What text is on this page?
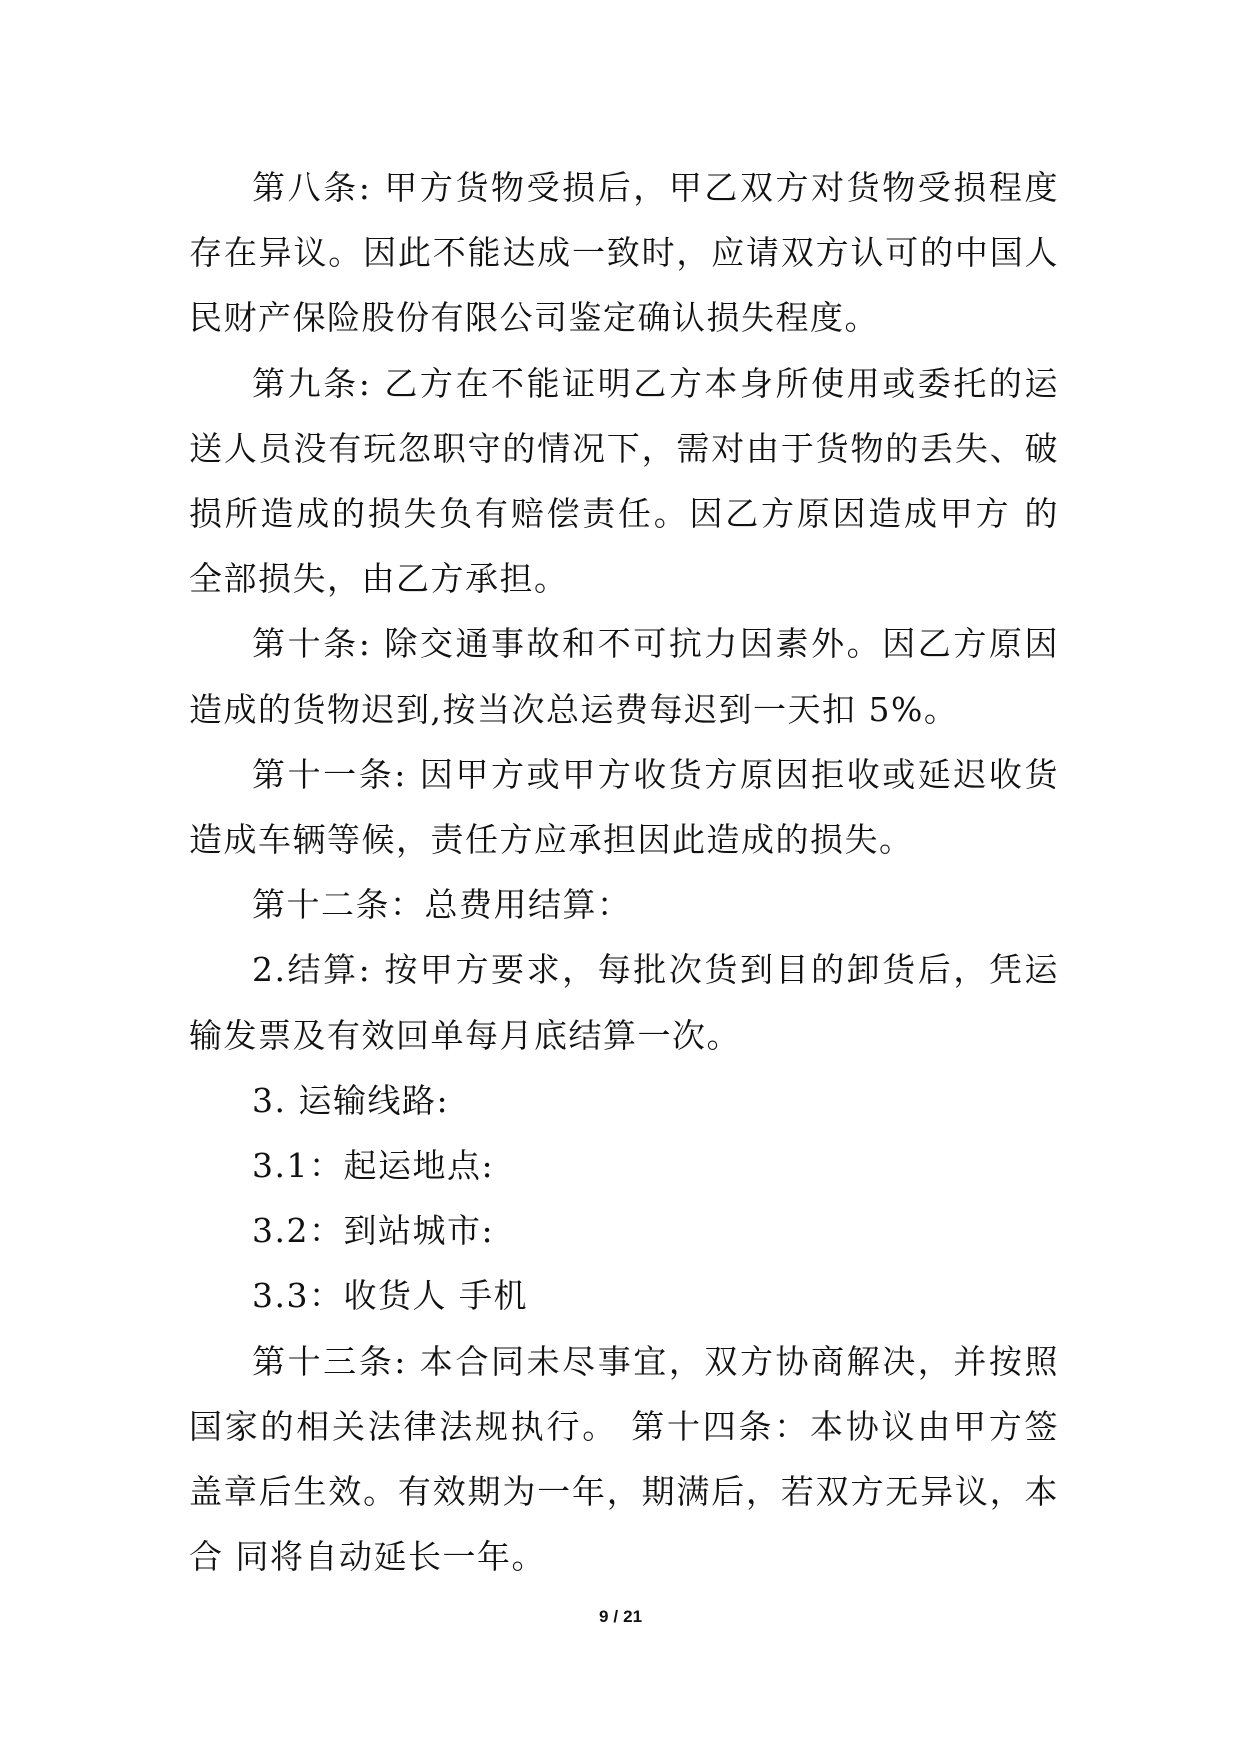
第八条: 甲方货物受损后，甲乙双方对货物受损程度存在异议。因此不能达成一致时，应请双方认可的中国人民财产保险股份有限公司鉴定确认损失程度。

第九条: 乙方在不能证明乙方本身所使用或委托的运送人员没有玩忽职守的情况下，需对由于货物的丢失、破损所造成的损失负有赔偿责任。因乙方原因造成甲方 的全部损失，由乙方承担。

第十条: 除交通事故和不可抗力因素外。因乙方原因造成的货物迟到,按当次总运费每迟到一天扣 5%。

第十一条: 因甲方或甲方收货方原因拒收或延迟收货造成车辆等候，责任方应承担因此造成的损失。

第十二条：总费用结算：

2.结算: 按甲方要求，每批次货到目的卸货后，凭运输发票及有效回单每月底结算一次。

3. 运输线路:

3.1：起运地点:

3.2：到站城市:

3.3：收货人 手机

第十三条: 本合同未尽事宜，双方协商解决，并按照国家的相关法律法规执行。 第十四条：本协议由甲方签盖章后生效。有效期为一年，期满后，若双方无异议，本合 同将自动延长一年。

9 / 21
